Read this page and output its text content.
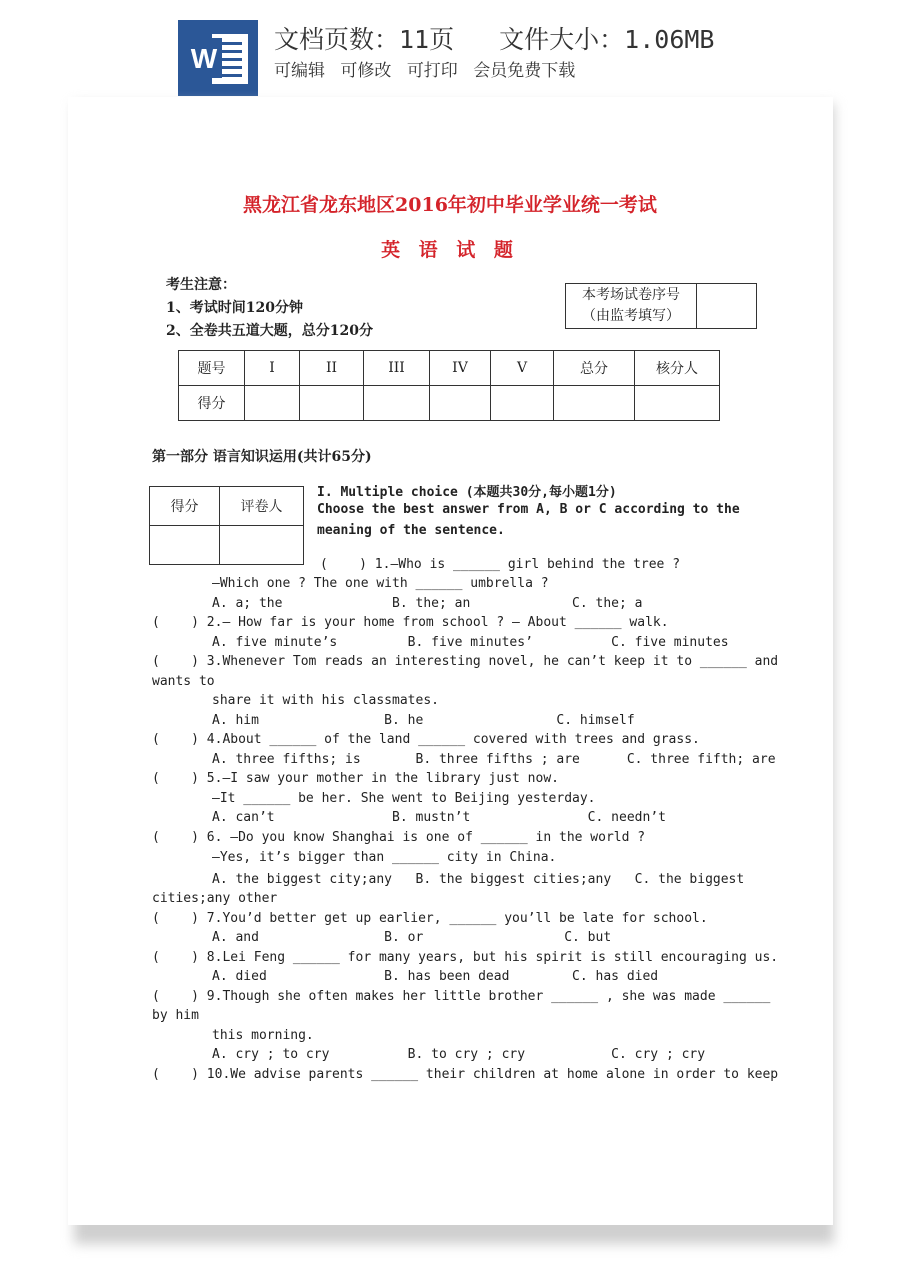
W
文档页数：11页 文件大小：1.06MB
可编辑 可修改 可打印 会员免费下载
黑龙江省龙东地区2016年初中毕业学业统一考试
英 语 试 题
考生注意：
1、考试时间120分钟
2、全卷共五道大题，总分120分
本考场试卷序号
（由监考填写）

题号	I	II	III	IV	V	总分	核分人
得分							
第一部分 语言知识运用(共计65分)
得分	评卷人

I. Multiple choice (本题共30分,每小题1分)
Choose the best answer from A, B or C according to the
meaning of the sentence.
(    ) 1.—Who is ______ girl behind the tree ?
—Which one ? The one with ______ umbrella ?
A. a; the              B. the; an             C. the; a
(    ) 2.— How far is your home from school ? — About ______ walk.
A. five minute’s         B. five minutes’          C. five minutes
(    ) 3.Whenever Tom reads an interesting novel, he can’t keep it to ______ and
wants to
share it with his classmates.
A. him                B. he                 C. himself
(    ) 4.About ______ of the land ______ covered with trees and grass.
A. three fifths; is       B. three fifths ; are      C. three fifth; are
(    ) 5.—I saw your mother in the library just now.
—It ______ be her. She went to Beijing yesterday.
A. can’t               B. mustn’t               C. needn’t
(    ) 6. —Do you know Shanghai is one of ______ in the world ?
—Yes, it’s bigger than ______ city in China.
A. the biggest city;any   B. the biggest cities;any   C. the biggest
cities;any other
(    ) 7.You’d better get up earlier, ______ you’ll be late for school.
A. and                B. or                  C. but
(    ) 8.Lei Feng ______ for many years, but his spirit is still encouraging us.
A. died               B. has been dead        C. has died
(    ) 9.Though she often makes her little brother ______ , she was made ______
by him
this morning.
A. cry ; to cry          B. to cry ; cry           C. cry ; cry
(    ) 10.We advise parents ______ their children at home alone in order to keep
